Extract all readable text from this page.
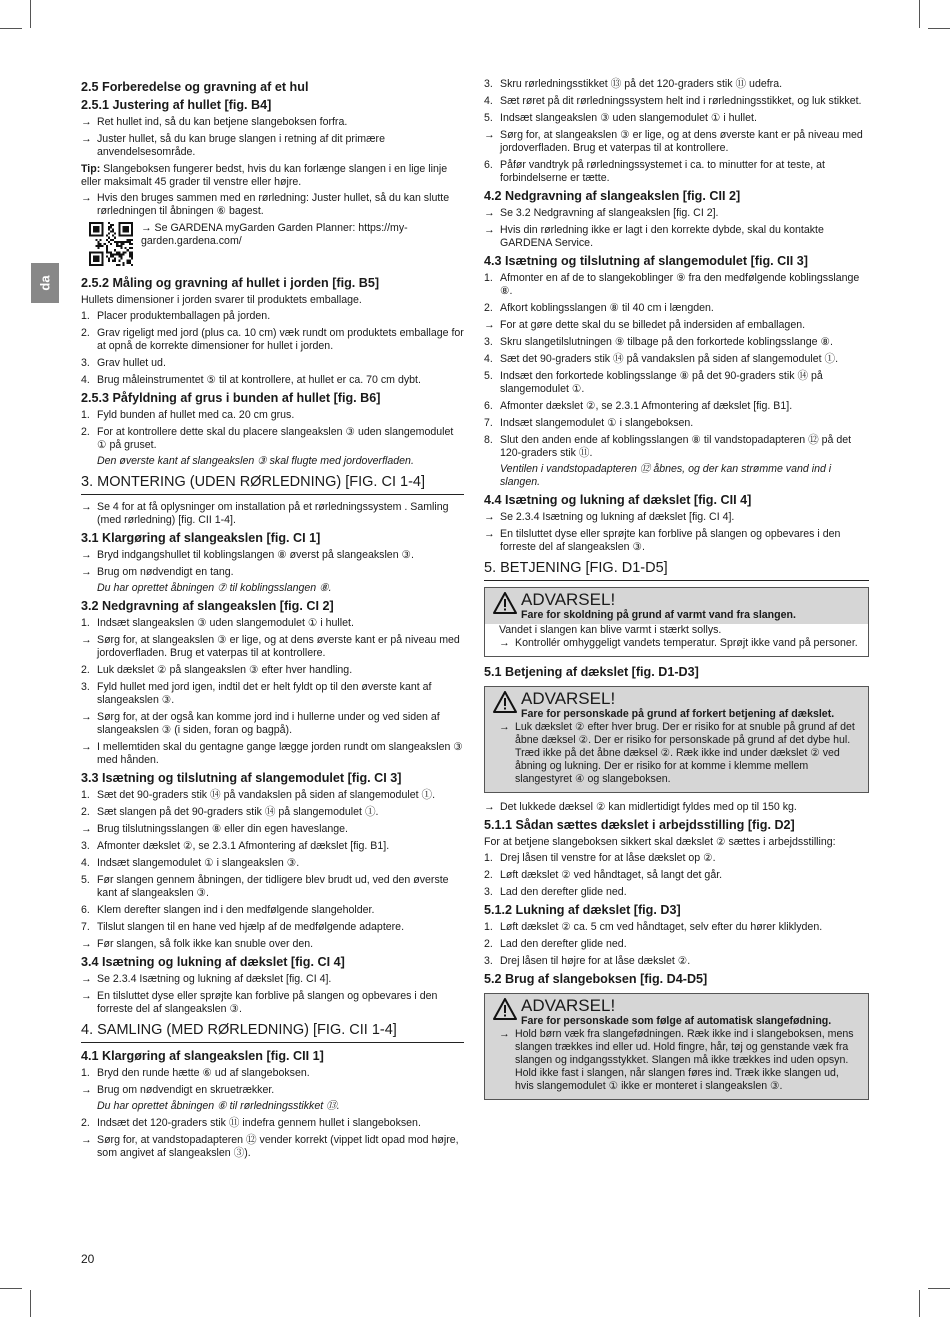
da
2.5 Forberedelse og gravning af et hul
2.5.1 Justering af hullet [fig. B4]
→ Ret hullet ind, så du kan betjene slangeboksen forfra.
→ Juster hullet, så du kan bruge slangen i retning af dit primære anvendelsesområde.
Tip: Slangeboksen fungerer bedst, hvis du kan forlænge slangen i en lige linje eller maksimalt 45 grader til venstre eller højre.
→ Hvis den bruges sammen med en rørledning: Juster hullet, så du kan slutte rørledningen til åbningen ⑥ bagest.
→ Se GARDENA myGarden Garden Planner: https://my-garden.gardena.com/
2.5.2 Måling og gravning af hullet i jorden [fig. B5]
Hullets dimensioner i jorden svarer til produktets emballage.
1. Placer produktemballagen på jorden.
2. Grav rigeligt med jord (plus ca. 10 cm) væk rundt om produktets emballage for at opnå de korrekte dimensioner for hullet i jorden.
3. Grav hullet ud.
4. Brug måleinstrumentet ⑤ til at kontrollere, at hullet er ca. 70 cm dybt.
2.5.3 Påfyldning af grus i bunden af hullet [fig. B6]
1. Fyld bunden af hullet med ca. 20 cm grus.
2. For at kontrollere dette skal du placere slangeakslen ③ uden slangemodulet ① på gruset.
Den øverste kant af slangeakslen ③ skal flugte med jordoverfladen.
3. MONTERING (UDEN RØRLEDNING) [FIG. CI 1-4]
→ Se 4 for at få oplysninger om installation på et rørledningssystem . Samling (med rørledning) [fig. CII 1-4].
3.1 Klargøring af slangeakslen [fig. CI 1]
→ Bryd indgangshullet til koblingslangen ⑧ øverst på slangeakslen ③.
→ Brug om nødvendigt en tang.
Du har oprettet åbningen ⑦ til koblingsslangen ⑧.
3.2 Nedgravning af slangeakslen [fig. CI 2]
1. Indsæt slangeakslen ③ uden slangemodulet ① i hullet.
→ Sørg for, at slangeakslen ③ er lige, og at dens øverste kant er på niveau med jordoverfladen. Brug et vaterpas til at kontrollere.
2. Luk dækslet ② på slangeakslen ③ efter hver handling.
3. Fyld hullet med jord igen, indtil det er helt fyldt op til den øverste kant af slangeakslen ③.
→ Sørg for, at der også kan komme jord ind i hullerne under og ved siden af slangeakslen ③ (i siden, foran og bagpå).
→ I mellemtiden skal du gentagne gange lægge jorden rundt om slangeakslen ③ med hånden.
3.3 Isætning og tilslutning af slangemodulet [fig. CI 3]
1. Sæt det 90-graders stik ⑭ på vandakslen på siden af slangemodulet ①.
2. Sæt slangen på det 90-graders stik ⑭ på slangemodulet ①.
→ Brug tilslutningsslangen ⑧ eller din egen haveslange.
3. Afmonter dækslet ②, se 2.3.1 Afmontering af dækslet [fig. B1].
4. Indsæt slangemodulet ① i slangeakslen ③.
5. Før slangen gennem åbningen, der tidligere blev brudt ud, ved den øverste kant af slangeakslen ③.
6. Klem derefter slangen ind i den medfølgende slangeholder.
7. Tilslut slangen til en hane ved hjælp af de medfølgende adaptere.
→ Før slangen, så folk ikke kan snuble over den.
3.4 Isætning og lukning af dækslet [fig. CI 4]
→ Se 2.3.4 Isætning og lukning af dækslet [fig. CI 4].
→ En tilsluttet dyse eller sprøjte kan forblive på slangen og opbevares i den forreste del af slangeakslen ③.
4. SAMLING (MED RØRLEDNING) [FIG. CII 1-4]
4.1 Klargøring af slangeakslen [fig. CII 1]
1. Bryd den runde hætte ⑥ ud af slangeboksen.
→ Brug om nødvendigt en skruetrækker.
Du har oprettet åbningen ⑥ til rørledningsstikket ⑬.
2. Indsæt det 120-graders stik ⑪ indefra gennem hullet i slangeboksen.
→ Sørg for, at vandstopadapteren ⑫ vender korrekt (vippet lidt opad mod højre, som angivet af slangeakslen ③).
3. Skru rørledningsstikket ⑬ på det 120-graders stik ⑪ udefra.
4. Sæt røret på dit rørledningssystem helt ind i rørledningsstikket, og luk stikket.
5. Indsæt slangeakslen ③ uden slangemodulet ① i hullet.
→ Sørg for, at slangeakslen ③ er lige, og at dens øverste kant er på niveau med jordoverfladen. Brug et vaterpas til at kontrollere.
6. Påfør vandtryk på rørledningssystemet i ca. to minutter for at teste, at forbindelserne er tætte.
4.2 Nedgravning af slangeakslen [fig. CII 2]
→ Se 3.2 Nedgravning af slangeakslen [fig. CI 2].
→ Hvis din rørledning ikke er lagt i den korrekte dybde, skal du kontakte GARDENA Service.
4.3 Isætning og tilslutning af slangemodulet [fig. CII 3]
1. Afmonter en af de to slangekoblinger ⑨ fra den medfølgende koblingsslange ⑧.
2. Afkort koblingsslangen ⑧ til 40 cm i længden.
→ For at gøre dette skal du se billedet på indersiden af emballagen.
3. Skru slangetilslutningen ⑨ tilbage på den forkortede koblingsslange ⑧.
4. Sæt det 90-graders stik ⑭ på vandakslen på siden af slangemodulet ①.
5. Indsæt den forkortede koblingsslange ⑧ på det 90-graders stik ⑭ på slangemodulet ①.
6. Afmonter dækslet ②, se 2.3.1 Afmontering af dækslet [fig. B1].
7. Indsæt slangemodulet ① i slangeboksen.
8. Slut den anden ende af koblingsslangen ⑧ til vandstopadapteren ⑫ på det 120-graders stik ⑪.
Ventilen i vandstopadapteren ⑫ åbnes, og der kan strømme vand ind i slangen.
4.4 Isætning og lukning af dækslet [fig. CII 4]
→ Se 2.3.4 Isætning og lukning af dækslet [fig. CI 4].
→ En tilsluttet dyse eller sprøjte kan forblive på slangen og opbevares i den forreste del af slangeakslen ③.
5. BETJENING [FIG. D1-D5]
ADVARSEL!
Fare for skoldning på grund af varmt vand fra slangen.
Vandet i slangen kan blive varmt i stærkt sollys.
→ Kontrollér omhyggeligt vandets temperatur. Sprøjt ikke vand på personer.
5.1 Betjening af dækslet [fig. D1-D3]
ADVARSEL!
Fare for personskade på grund af forkert betjening af dækslet.
→ Luk dækslet ② efter hver brug. Der er risiko for at snuble på grund af det åbne dæksel ②. Der er risiko for personskade på grund af det dybe hul. Træd ikke på det åbne dæksel ②. Ræk ikke ind under dækslet ② ved åbning og lukning. Der er risiko for at komme i klemme mellem slangestyret ④ og slangeboksen.
→ Det lukkede dæksel ② kan midlertidigt fyldes med op til 150 kg.
5.1.1 Sådan sættes dækslet i arbejdsstilling [fig. D2]
For at betjene slangeboksen sikkert skal dækslet ② sættes i arbejdsstilling:
1. Drej låsen til venstre for at låse dækslet op ②.
2. Løft dækslet ② ved håndtaget, så langt det går.
3. Lad den derefter glide ned.
5.1.2 Lukning af dækslet [fig. D3]
1. Løft dækslet ② ca. 5 cm ved håndtaget, selv efter du hører kliklyden.
2. Lad den derefter glide ned.
3. Drej låsen til højre for at låse dækslet ②.
5.2 Brug af slangeboksen [fig. D4-D5]
ADVARSEL!
Fare for personskade som følge af automatisk slangefødning.
→ Hold børn væk fra slangefødningen. Ræk ikke ind i slangeboksen, mens slangen trækkes ind eller ud. Hold fingre, hår, tøj og genstande væk fra slangen og indgangsstykket. Slangen må ikke trækkes ind uden opsyn. Hold ikke fast i slangen, når slangen føres ind. Træk ikke slangen ud, hvis slangemodulet ① ikke er monteret i slangeakslen ③.
20
